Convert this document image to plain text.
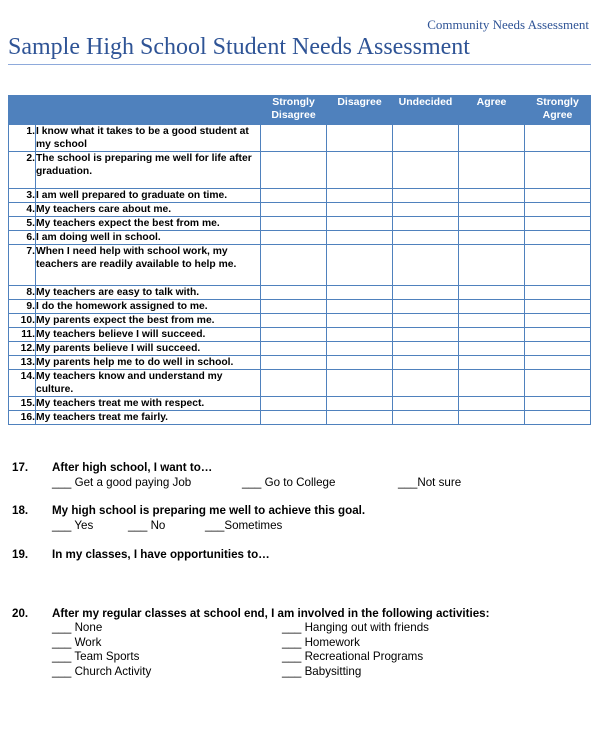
Community Needs Assessment
Sample High School Student Needs Assessment
		Strongly Disagree	Disagree	Undecided	Agree	Strongly Agree
1.	I know what it takes to be a good student at my school					
2.	The school is preparing me well for life after graduation.					
3.	I am well prepared to graduate on time.					
4.	My teachers care about me.					
5.	My teachers expect the best from me.					
6.	I am doing well in school.					
7.	When I need help with school work, my teachers are readily available to help me.					
8.	My teachers are easy to talk with.					
9.	I do the homework assigned to me.					
10.	My parents expect the best from me.					
11.	My teachers believe I will succeed.					
12.	My parents believe I will succeed.					
13.	My parents help me to do well in school.					
14.	My teachers know and understand my culture.					
15.	My teachers treat me with respect.					
16.	My teachers treat me fairly.					
17. After high school, I want to…
___ Get a good paying Job	___ Go to College	___Not sure
18. My high school is preparing me well to achieve this goal.
___ Yes	___ No	___Sometimes
19. In my classes, I have opportunities to…
20. After my regular classes at school end, I am involved in the following activities:
___ None	___ Hanging out with friends
___ Work	___ Homework
___ Team Sports	___ Recreational Programs
___ Church Activity	___ Babysitting
